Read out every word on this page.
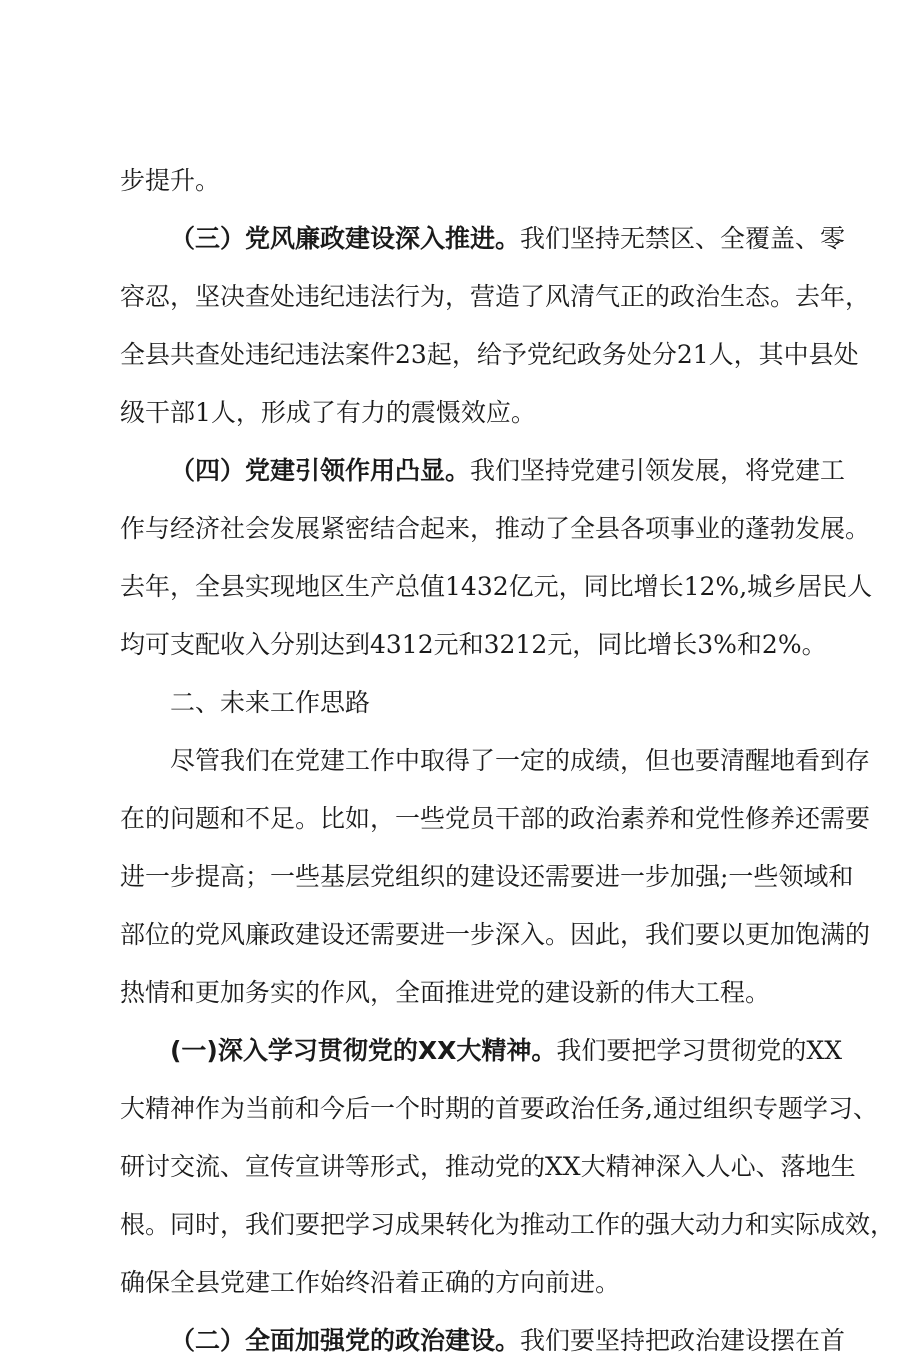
步提升。
（三）党风廉政建设深入推进。我们坚持无禁区、全覆盖、零
容忍，坚决查处违纪违法行为，营造了风清气正的政治生态。去年，
全县共查处违纪违法案件23起，给予党纪政务处分21人，其中县处
级干部1人，形成了有力的震慑效应。
（四）党建引领作用凸显。我们坚持党建引领发展，将党建工
作与经济社会发展紧密结合起来，推动了全县各项事业的蓬勃发展。
去年，全县实现地区生产总值1432亿元，同比增长12%,城乡居民人
均可支配收入分别达到4312元和3212元，同比增长3%和2%。
二、未来工作思路
尽管我们在党建工作中取得了一定的成绩，但也要清醒地看到存
在的问题和不足。比如，一些党员干部的政治素养和党性修养还需要
进一步提高；一些基层党组织的建设还需要进一步加强;一些领域和
部位的党风廉政建设还需要进一步深入。因此，我们要以更加饱满的
热情和更加务实的作风，全面推进党的建设新的伟大工程。
(一)深入学习贯彻党的XX大精神。我们要把学习贯彻党的XX
大精神作为当前和今后一个时期的首要政治任务,通过组织专题学习、
研讨交流、宣传宣讲等形式，推动党的XX大精神深入人心、落地生
根。同时，我们要把学习成果转化为推动工作的强大动力和实际成效，
确保全县党建工作始终沿着正确的方向前进。
（二）全面加强党的政治建设。我们要坚持把政治建设摆在首
